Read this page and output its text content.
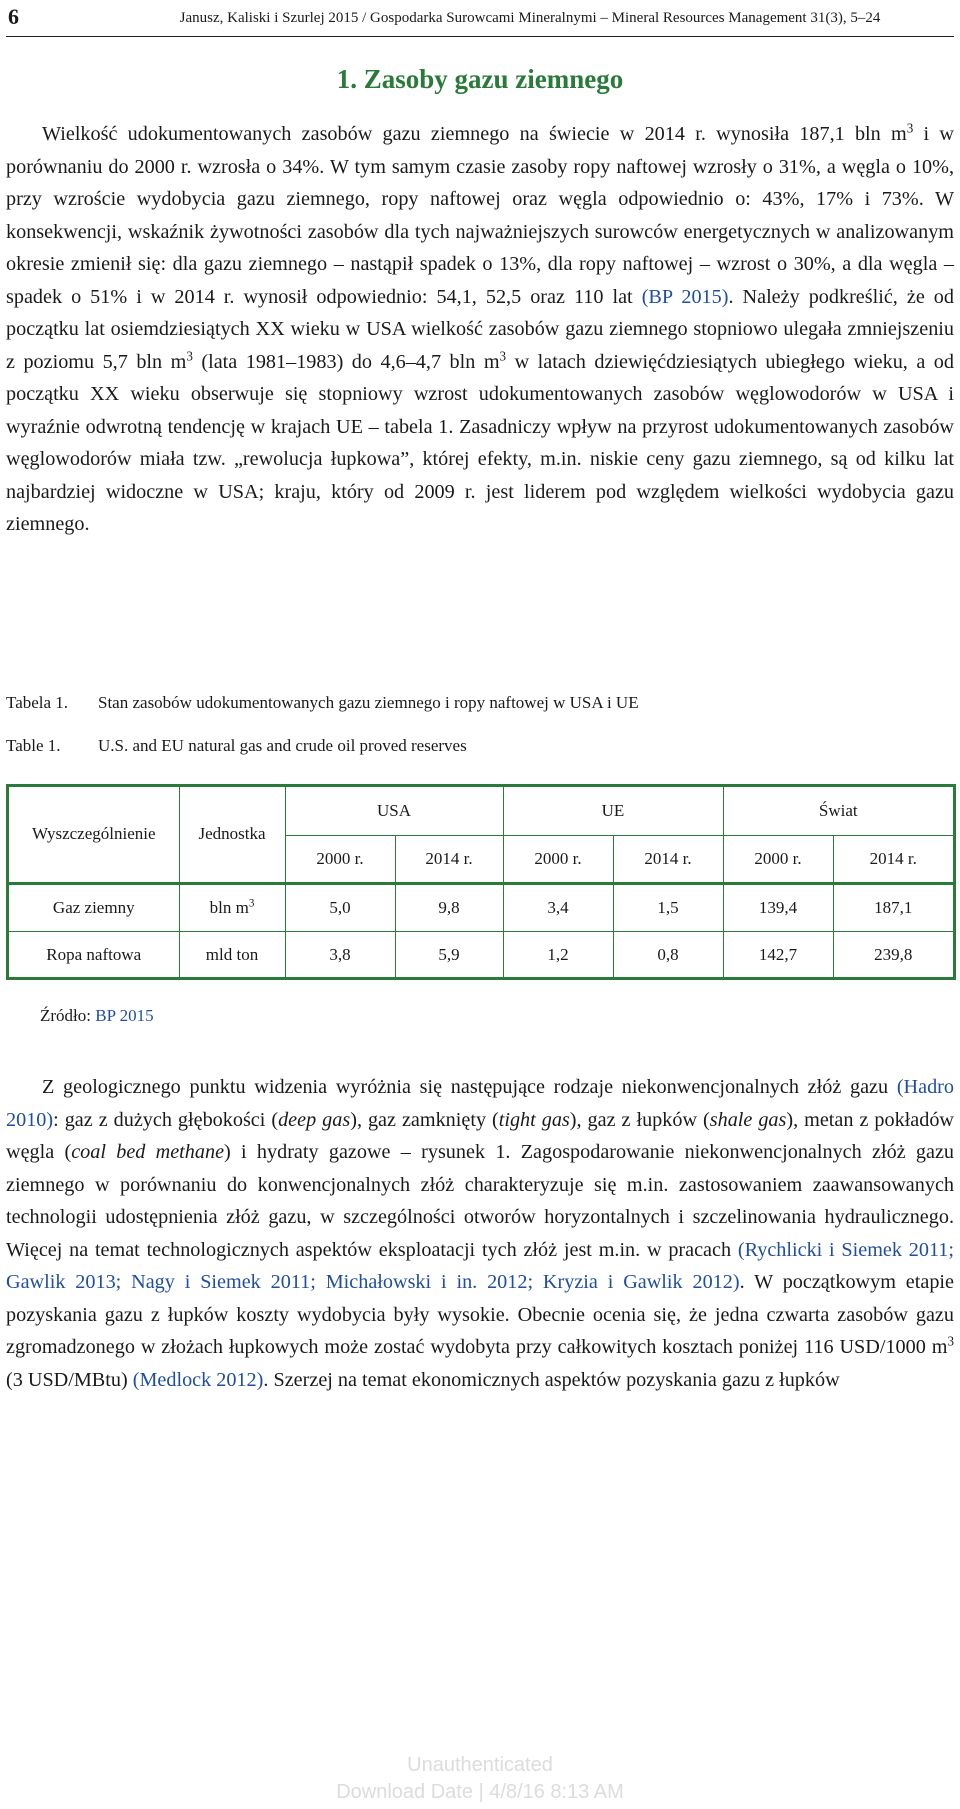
6	Janusz, Kaliski i Szurlej 2015 / Gospodarka Surowcami Mineralnymi – Mineral Resources Management 31(3), 5–24
1. Zasoby gazu ziemnego

Wielkość udokumentowanych zasobów gazu ziemnego na świecie w 2014 r. wynosiła 187,1 bln $m^3$ i w porównaniu do 2000 r. wzrosła o 34%. W tym samym czasie zasoby ropy naftowej wzrosły o 31%, a węgla o 10%, przy wzroście wydobycia gazu ziemnego, ropy naftowej oraz węgla odpowiednio o: 43%, 17% i 73%. W konsekwencji, wskaźnik żywotności zasobów dla tych najważniejszych surowców energetycznych w analizowanym okresie zmienił się: dla gazu ziemnego – nastąpił spadek o 13%, dla ropy naftowej – wzrost o 30%, a dla węgla – spadek o 51% i w 2014 r. wynosił odpowiednio: 54,1, 52,5 oraz 110 lat (BP 2015). Należy podkreślić, że od początku lat osiemdziesiątych XX wieku w USA wielkość zasobów gazu ziemnego stopniowo ulegała zmniejszeniu z poziomu 5,7 bln $m^3$ (lata 1981–1983) do 4,6–4,7 bln $m^3$ w latach dziewięćdziesiątych ubiegłego wieku, a od początku XX wieku obserwuje się stopniowy wzrost udokumentowanych zasobów węglowodorów w USA i wyraźnie odwrotną tendencję w krajach UE – tabela 1. Zasadniczy wpływ na przyrost udokumentowanych zasobów węglowodorów miała tzw. „rewolucja łupkowa”, której efekty, m.in. niskie ceny gazu ziemnego, są od kilku lat najbardziej widoczne w USA; kraju, który od 2009 r. jest liderem pod względem wielkości wydobycia gazu ziemnego.

Tabela 1. Stan zasobów udokumentowanych gazu ziemnego i ropy naftowej w USA i UE
Table 1. U.S. and EU natural gas and crude oil proved reserves
Wyszczególnienie	Jednostka	USA		UE		Świat	
		2000 r.	2014 r.	2000 r.	2014 r.	2000 r.	2014 r.
Gaz ziemny	bln $m^3$	5,0	9,8	3,4	1,5	139,4	187,1
Ropa naftowa	mld ton	3,8	5,9	1,2	0,8	142,7	239,8
Źródło: BP 2015

Z geologicznego punktu widzenia wyróżnia się następujące rodzaje niekonwencjonalnych złóż gazu (Hadro 2010): gaz z dużych głębokości (deep gas), gaz zamknięty (tight gas), gaz z łupków (shale gas), metan z pokładów węgla (coal bed methane) i hydraty gazowe – rysunek 1. Zagospodarowanie niekonwencjonalnych złóż gazu ziemnego w porównaniu do konwencjonalnych złóż charakteryzuje się m.in. zastosowaniem zaawansowanych technologii udostępnienia złóż gazu, w szczególności otworów horyzontalnych i szczelinowania hydraulicznego. Więcej na temat technologicznych aspektów eksploatacji tych złóż jest m.in. w pracach (Rychlicki i Siemek 2011; Gawlik 2013; Nagy i Siemek 2011; Michałowski i in. 2012; Kryzia i Gawlik 2012). W początkowym etapie pozyskania gazu z łupków koszty wydobycia były wysokie. Obecnie ocenia się, że jedna czwarta zasobów gazu zgromadzonego w złożach łupkowych może zostać wydobyta przy całkowitych kosztach poniżej 116 USD/1000 $m^3$ (3 USD/MBtu) (Medlock 2012). Szerzej na temat ekonomicznych aspektów pozyskania gazu z łupków

Unauthenticated
Download Date | 4/8/16 8:13 AM
